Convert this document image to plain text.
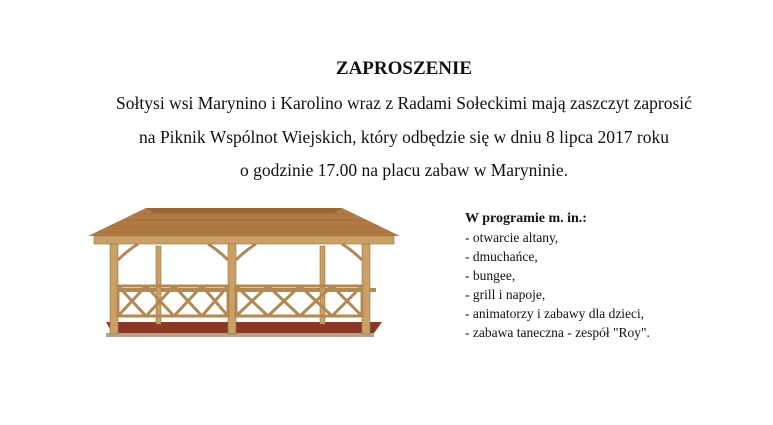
ZAPROSZENIE
Sołtysi wsi Marynino i Karolino wraz z Radami Sołeckimi mają zaszczyt zaprosić
na Piknik Wspólnot Wiejskich, który odbędzie się w dniu 8 lipca 2017 roku
o godzinie 17.00 na placu zabaw w Maryninie.
W programie m. in.:
- otwarcie altany,
- dmuchańce,
- bungee,
- grill i napoje,
- animatorzy i zabawy dla dzieci,
- zabawa taneczna - zespół "Roy".
